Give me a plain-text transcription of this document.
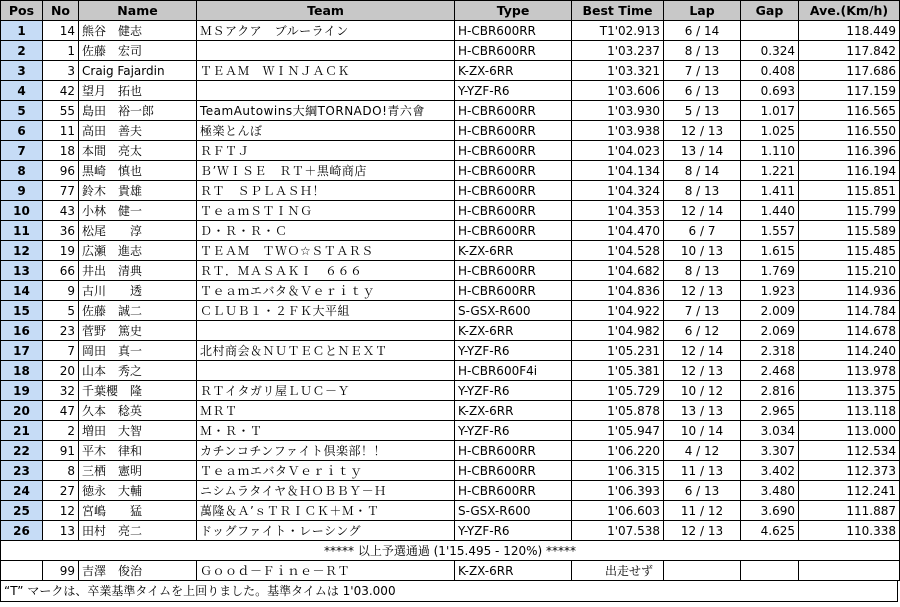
Pos	No	Name	Team	Type	Best Time	Lap	Gap	Ave.(Km/h)
1	14	熊谷　健志	ＭＳアクア　ブルーライン	H-CBR600RR	T1'02.913	6 / 14		118.449
2	1	佐藤　宏司		H-CBR600RR	1'03.237	8 / 13	0.324	117.842
3	3	Craig Fajardin	ＴＥＡＭ　ＷＩＮＪＡＣＫ	K-ZX-6RR	1'03.321	7 / 13	0.408	117.686
4	42	望月　拓也		Y-YZF-R6	1'03.606	6 / 13	0.693	117.159
5	55	島田　裕一郎	TeamAutowins大綱TORNADO!青六會	H-CBR600RR	1'03.930	5 / 13	1.017	116.565
6	11	高田　善夫	極楽とんぼ	H-CBR600RR	1'03.938	12 / 13	1.025	116.550
7	18	本間　亮太	ＲＦＴＪ	H-CBR600RR	1'04.023	13 / 14	1.110	116.396
8	96	黒崎　慎也	Ｂ’ＷＩＳＥ　ＲＴ＋黒崎商店	H-CBR600RR	1'04.134	8 / 14	1.221	116.194
9	77	鈴木　貴雄	ＲＴ　ＳＰＬＡＳＨ！	H-CBR600RR	1'04.324	8 / 13	1.411	115.851
10	43	小林　健一	ＴｅａｍＳＴＩＮＧ	H-CBR600RR	1'04.353	12 / 14	1.440	115.799
11	36	松尾　　淳	Ｄ・Ｒ・Ｒ・Ｃ	H-CBR600RR	1'04.470	6 / 7	1.557	115.589
12	19	広瀬　進志	ＴＥＡＭ　ＴＷＯ☆ＳＴＡＲＳ	K-ZX-6RR	1'04.528	10 / 13	1.615	115.485
13	66	井出　清典	ＲＴ．ＭＡＳＡＫＩ　６６６	H-CBR600RR	1'04.682	8 / 13	1.769	115.210
14	9	古川　　透	Ｔｅａｍエバタ＆Ｖｅｒｉｔｙ	H-CBR600RR	1'04.836	12 / 13	1.923	114.936
15	5	佐藤　誠二	ＣＬＵＢ１・２ＦＫ大平組	S-GSX-R600	1'04.922	7 / 13	2.009	114.784
16	23	菅野　篤史		K-ZX-6RR	1'04.982	6 / 12	2.069	114.678
17	7	岡田　真一	北村商会＆ＮＵＴＥＣとＮＥＸＴ	Y-YZF-R6	1'05.231	12 / 14	2.318	114.240
18	20	山本　秀之		H-CBR600F4i	1'05.381	12 / 13	2.468	113.978
19	32	千葉櫻　隆	ＲＴイタガリ屋ＬＵＣ－Ｙ	Y-YZF-R6	1'05.729	10 / 12	2.816	113.375
20	47	久本　稔英	ＭＲＴ	K-ZX-6RR	1'05.878	13 / 13	2.965	113.118
21	2	増田　大智	Ｍ・Ｒ・Ｔ	Y-YZF-R6	1'05.947	10 / 14	3.034	113.000
22	91	平木　律和	カチンコチンファイト倶楽部！！	H-CBR600RR	1'06.220	4 / 12	3.307	112.534
23	8	三栖　憲明	ＴｅａｍエバタＶｅｒｉｔｙ	H-CBR600RR	1'06.315	11 / 13	3.402	112.373
24	27	徳永　大輔	ニシムラタイヤ＆ＨＯＢＢＹ－Ｈ	H-CBR600RR	1'06.393	6 / 13	3.480	112.241
25	12	宮嶋　　猛	萬隆＆Ａ’ｓＴＲＩＣＫ＋Ｍ・Ｔ	S-GSX-R600	1'06.603	11 / 12	3.690	111.887
26	13	田村　亮二	ドッグファイト・レーシング	Y-YZF-R6	1'07.538	12 / 13	4.625	110.338
***** 以上予選通過 (1'15.495 - 120%) *****								
	99	吉澤　俊治	Ｇｏｏｄ－Ｆｉｎｅ－ＲＴ	K-ZX-6RR	出走せず			
“T” マークは、卒業基準タイムを上回りました。基準タイムは 1'03.000
